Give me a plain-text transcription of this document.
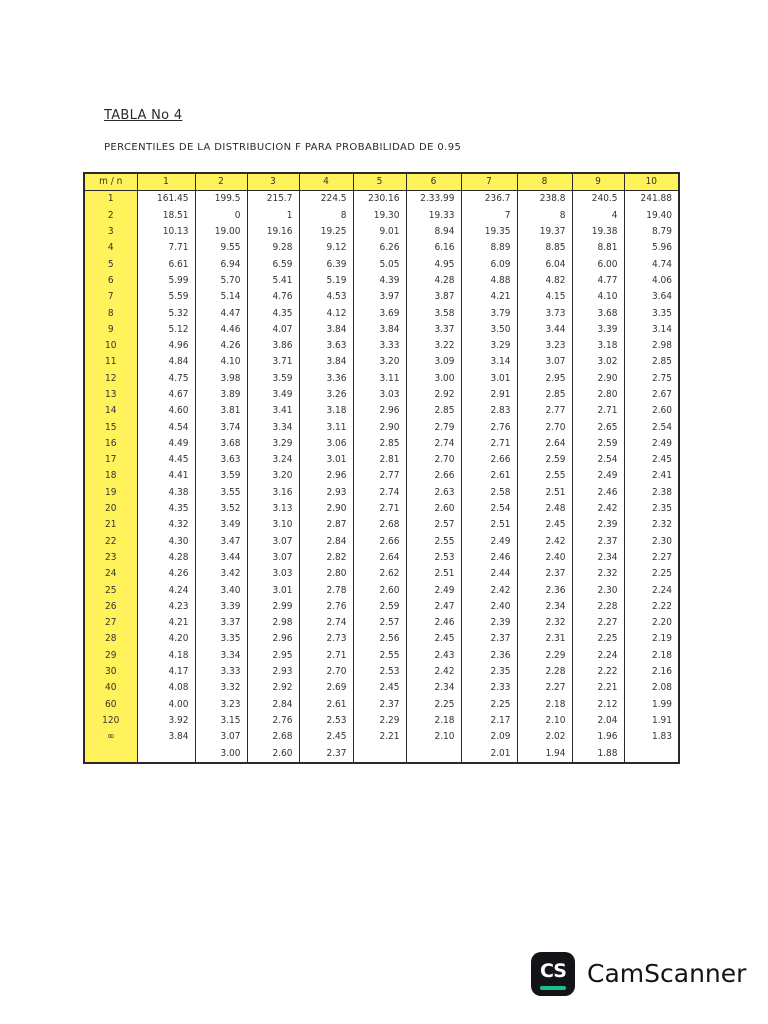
TABLA No 4
PERCENTILES DE LA DISTRIBUCION F PARA PROBABILIDAD DE 0.95
m / n	1	2	3	4	5	6	7	8	9	10
1	161.45	199.5	215.7	224.5	230.16	2.33.99	236.7	238.8	240.5	241.88
2	18.51	0	1	8	19.30	19.33	7	8	4	19.40
3	10.13	19.00	19.16	19.25	9.01	8.94	19.35	19.37	19.38	8.79
4	7.71	9.55	9.28	9.12	6.26	6.16	8.89	8.85	8.81	5.96
5	6.61	6.94	6.59	6.39	5.05	4.95	6.09	6.04	6.00	4.74
6	5.99	5.70	5.41	5.19	4.39	4.28	4.88	4.82	4.77	4.06
7	5.59	5.14	4.76	4.53	3.97	3.87	4.21	4.15	4.10	3.64
8	5.32	4.47	4.35	4.12	3.69	3.58	3.79	3.73	3.68	3.35
9	5.12	4.46	4.07	3.84	3.84	3.37	3.50	3.44	3.39	3.14
10	4.96	4.26	3.86	3.63	3.33	3.22	3.29	3.23	3.18	2.98
11	4.84	4.10	3.71	3.84	3.20	3.09	3.14	3.07	3.02	2.85
12	4.75	3.98	3.59	3.36	3.11	3.00	3.01	2.95	2.90	2.75
13	4.67	3.89	3.49	3.26	3.03	2.92	2.91	2.85	2.80	2.67
14	4.60	3.81	3.41	3.18	2.96	2.85	2.83	2.77	2.71	2.60
15	4.54	3.74	3.34	3.11	2.90	2.79	2.76	2.70	2.65	2.54
16	4.49	3.68	3.29	3.06	2.85	2.74	2.71	2.64	2.59	2.49
17	4.45	3.63	3.24	3.01	2.81	2.70	2.66	2.59	2.54	2.45
18	4.41	3.59	3.20	2.96	2.77	2.66	2.61	2.55	2.49	2.41
19	4.38	3.55	3.16	2.93	2.74	2.63	2.58	2.51	2.46	2.38
20	4.35	3.52	3.13	2.90	2.71	2.60	2.54	2.48	2.42	2.35
21	4.32	3.49	3.10	2.87	2.68	2.57	2.51	2.45	2.39	2.32
22	4.30	3.47	3.07	2.84	2.66	2.55	2.49	2.42	2.37	2.30
23	4.28	3.44	3.07	2.82	2.64	2.53	2.46	2.40	2.34	2.27
24	4.26	3.42	3.03	2.80	2.62	2.51	2.44	2.37	2.32	2.25
25	4.24	3.40	3.01	2.78	2.60	2.49	2.42	2.36	2.30	2.24
26	4.23	3.39	2.99	2.76	2.59	2.47	2.40	2.34	2.28	2.22
27	4.21	3.37	2.98	2.74	2.57	2.46	2.39	2.32	2.27	2.20
28	4.20	3.35	2.96	2.73	2.56	2.45	2.37	2.31	2.25	2.19
29	4.18	3.34	2.95	2.71	2.55	2.43	2.36	2.29	2.24	2.18
30	4.17	3.33	2.93	2.70	2.53	2.42	2.35	2.28	2.22	2.16
40	4.08	3.32	2.92	2.69	2.45	2.34	2.33	2.27	2.21	2.08
60	4.00	3.23	2.84	2.61	2.37	2.25	2.25	2.18	2.12	1.99
120	3.92	3.15	2.76	2.53	2.29	2.18	2.17	2.10	2.04	1.91
∞	3.84	3.07	2.68	2.45	2.21	2.10	2.09	2.02	1.96	1.83
		3.00	2.60	2.37			2.01	1.94	1.88	
CS CamScanner
